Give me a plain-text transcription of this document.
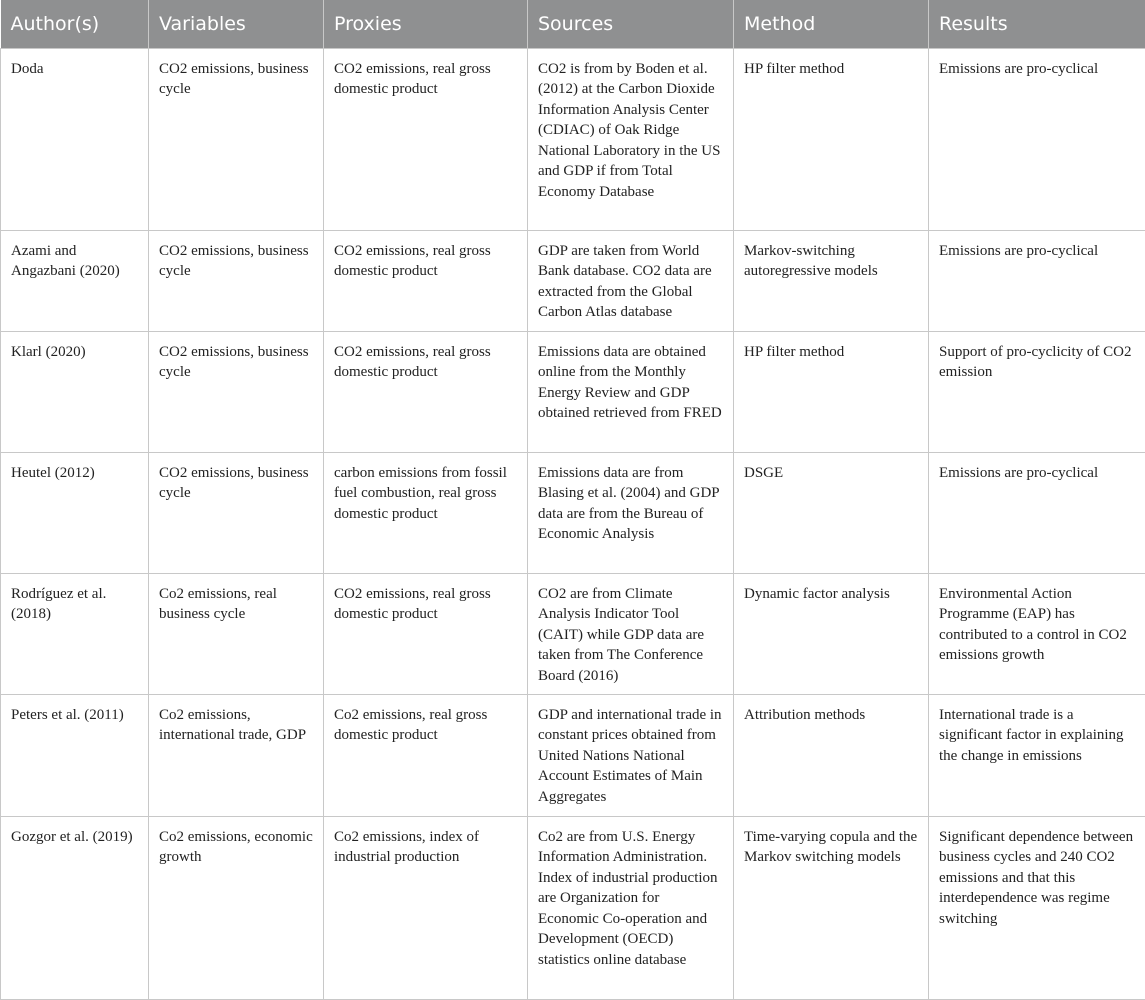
Author(s)	Variables	Proxies	Sources	Method	Results
Doda	CO2 emissions, business cycle	CO2 emissions, real gross domestic product	CO2 is from by Boden et al. (2012) at the Carbon Dioxide Information Analysis Center (CDIAC) of Oak Ridge National Laboratory in the US and GDP if from Total Economy Database	HP filter method	Emissions are pro-cyclical
Azami and Angazbani (2020)	CO2 emissions, business cycle	CO2 emissions, real gross domestic product	GDP are taken from World Bank database. CO2 data are extracted from the Global Carbon Atlas database	Markov-switching autoregressive models	Emissions are pro-cyclical
Klarl (2020)	CO2 emissions, business cycle	CO2 emissions, real gross domestic product	Emissions data are obtained online from the Monthly Energy Review and GDP obtained retrieved from FRED	HP filter method	Support of pro-cyclicity of CO2 emission
Heutel (2012)	CO2 emissions, business cycle	carbon emissions from fossil fuel combustion, real gross domestic product	Emissions data are from Blasing et al. (2004) and GDP data are from the Bureau of Economic Analysis	DSGE	Emissions are pro-cyclical
Rodríguez et al. (2018)	Co2 emissions, real business cycle	CO2 emissions, real gross domestic product	CO2 are from Climate Analysis Indicator Tool (CAIT) while GDP data are taken from The Conference Board (2016)	Dynamic factor analysis	Environmental Action Programme (EAP) has contributed to a control in CO2 emissions growth
Peters et al. (2011)	Co2 emissions, international trade, GDP	Co2 emissions, real gross domestic product	GDP and international trade in constant prices obtained from United Nations National Account Estimates of Main Aggregates	Attribution methods	International trade is a significant factor in explaining the change in emissions
Gozgor et al. (2019)	Co2 emissions, economic growth	Co2 emissions, index of industrial production	Co2 are from U.S. Energy Information Administration. Index of industrial production are Organization for Economic Co-operation and Development (OECD) statistics online database	Time-varying copula and the Markov switching models	Significant dependence between business cycles and 240 CO2 emissions and that this interdependence was regime switching
